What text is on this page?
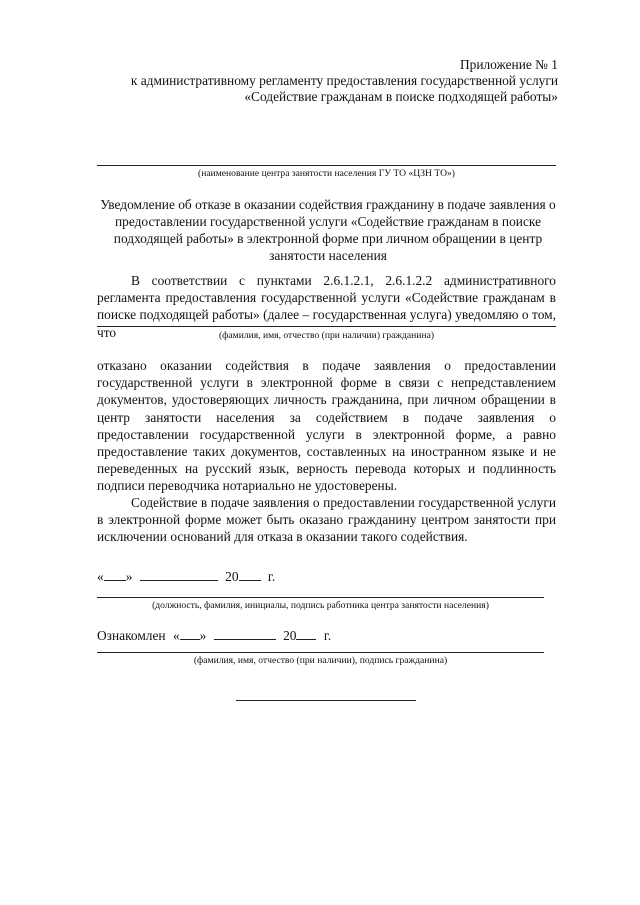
Приложение № 1
к административному регламенту предоставления государственной услуги
«Содействие гражданам в поиске подходящей работы»
(наименование центра занятости населения ГУ ТО «ЦЗН ТО»)
Уведомление об отказе в оказании содействия гражданину в подаче заявления о предоставлении государственной услуги «Содействие гражданам в поиске подходящей работы» в электронной форме при личном обращении в центр занятости населения
В соответствии с пунктами 2.6.1.2.1, 2.6.1.2.2 административного регламента предоставления государственной услуги «Содействие гражданам в поиске подходящей работы» (далее – государственная услуга) уведомляю о том, что	(фамилия, имя, отчество (при наличии) гражданина)
отказано оказании содействия в подаче заявления о предоставлении государственной услуги в электронной форме в связи с непредставлением документов, удостоверяющих личность гражданина, при личном обращении в центр занятости населения за содействием в подаче заявления о предоставлении государственной услуги в электронной форме, а равно предоставление таких документов, составленных на иностранном языке и не переведенных на русский язык, верность перевода которых и подлинность подписи переводчика нотариально не удостоверены.
Содействие в подаче заявления о предоставлении государственной услуги в электронной форме может быть оказано гражданину центром занятости при исключении оснований для отказа в оказании такого содействия.
« »	20 г.
(должность, фамилия, инициалы, подпись работника центра занятости населения)
Ознакомлен « »	20 г.
(фамилия, имя, отчество (при наличии), подпись гражданина)
